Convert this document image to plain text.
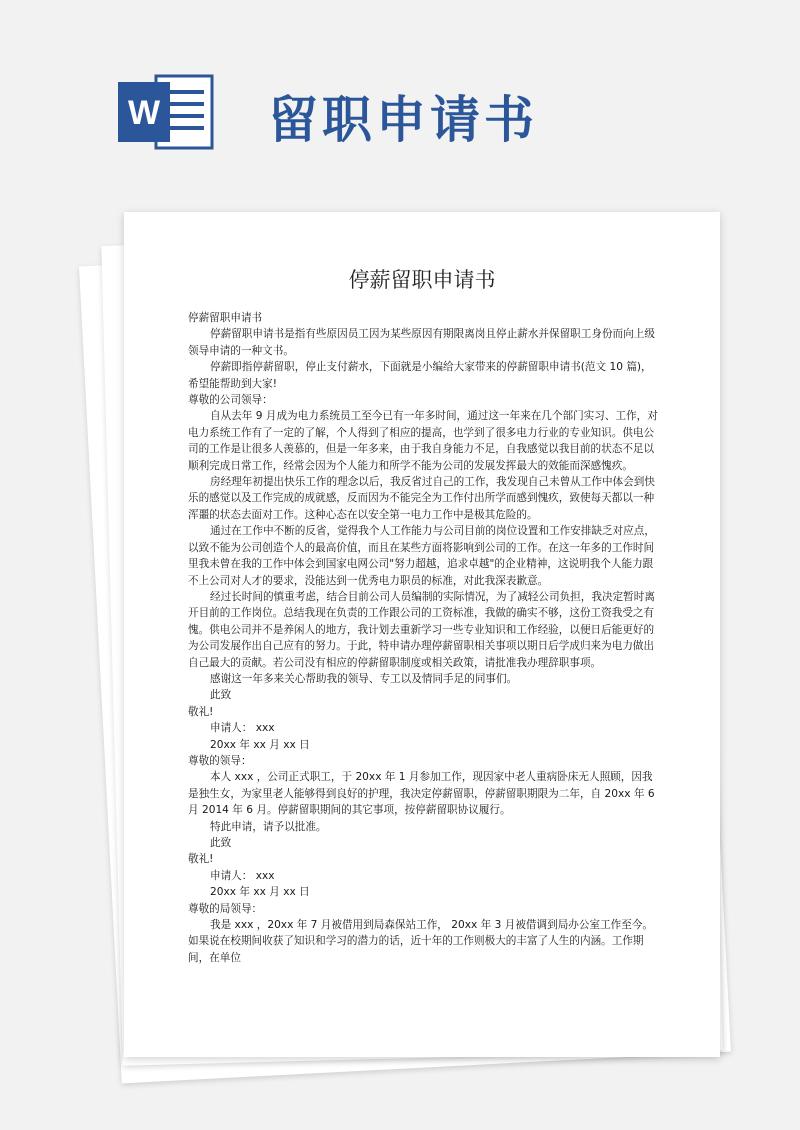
W 留职申请书
停薪留职申请书

停薪留职申请书

停薪留职申请书是指有些原因员工因为某些原因有期限离岗且停止薪水并保留职工身份而向上级领导申请的一种文书。

停薪即指停薪留职，停止支付薪水，下面就是小编给大家带来的停薪留职申请书(范文 10 篇)，希望能帮助到大家!

尊敬的公司领导：

自从去年 9 月成为电力系统员工至今已有一年多时间，通过这一年来在几个部门实习、工作，对电力系统工作有了一定的了解，个人得到了相应的提高，也学到了很多电力行业的专业知识。供电公司的工作是让很多人羡慕的，但是一年多来，由于我自身能力不足，自我感觉以我目前的状态不足以顺利完成日常工作，经常会因为个人能力和所学不能为公司的发展发挥最大的效能而深感愧疚。

房经理年初提出快乐工作的理念以后，我反省过自己的工作，我发现自己未曾从工作中体会到快乐的感觉以及工作完成的成就感，反而因为不能完全为工作付出所学而感到愧疚，致使每天都以一种浑噩的状态去面对工作。这种心态在以安全第一电力工作中是极其危险的。

通过在工作中不断的反省，觉得我个人工作能力与公司目前的岗位设置和工作安排缺乏对应点，以致不能为公司创造个人的最高价值，而且在某些方面将影响到公司的工作。在这一年多的工作时间里我未曾在我的工作中体会到国家电网公司"努力超越，追求卓越"的企业精神，这说明我个人能力跟不上公司对人才的要求，没能达到一优秀电力职员的标准，对此我深表歉意。

经过长时间的慎重考虑，结合目前公司人员编制的实际情况，为了减轻公司负担，我决定暂时离开目前的工作岗位。总结我现在负责的工作跟公司的工资标准，我做的确实不够，这份工资我受之有愧。供电公司并不是养闲人的地方，我计划去重新学习一些专业知识和工作经验，以便日后能更好的为公司发展作出自己应有的努力。于此，特申请办理停薪留职相关事项以期日后学成归来为电力做出自己最大的贡献。若公司没有相应的停薪留职制度或相关政策，请批准我办理辞职事项。

感谢这一年多来关心帮助我的领导、专工以及情同手足的同事们。

此致

敬礼!

申请人： xxx

20xx 年 xx 月 xx 日

尊敬的领导：

本人 xxx ，公司正式职工，于 20xx 年 1 月参加工作，现因家中老人重病卧床无人照顾，因我是独生女，为家里老人能够得到良好的护理，我决定停薪留职，停薪留职期限为二年，自 20xx 年 6 月 2014 年 6 月。停薪留职期间的其它事项，按停薪留职协议履行。

特此申请，请予以批准。

此致

敬礼!

申请人： xxx

20xx 年 xx 月 xx 日

尊敬的局领导：

我是 xxx ，20xx 年 7 月被借用到局森保站工作， 20xx 年 3 月被借调到局办公室工作至今。如果说在校期间收获了知识和学习的潜力的话，近十年的工作则极大的丰富了人生的内涵。工作期间，在单位
